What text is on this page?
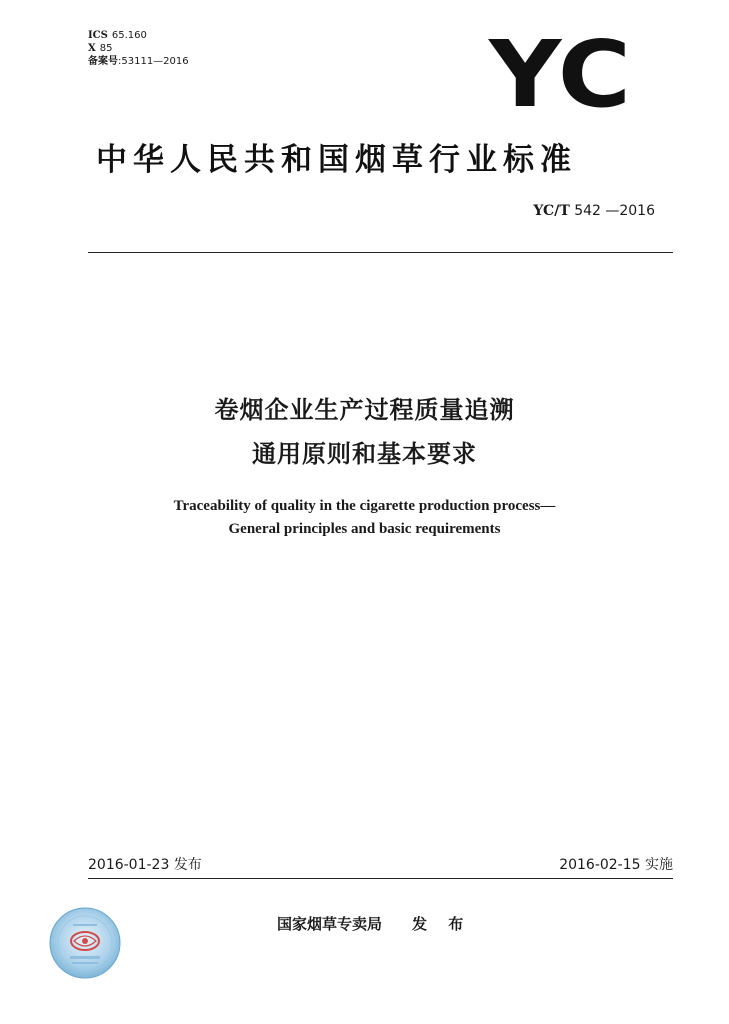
ICS 65.160
X 85
备案号:53111—2016	YC
中华人民共和国烟草行业标准
YC/T 542 —2016
卷烟企业生产过程质量追溯
通用原则和基本要求
Traceability of quality in the cigarette production process—
General principles and basic requirements
2016-01-23 发布	2016-02-15 实施
国家烟草专卖局 发 布
